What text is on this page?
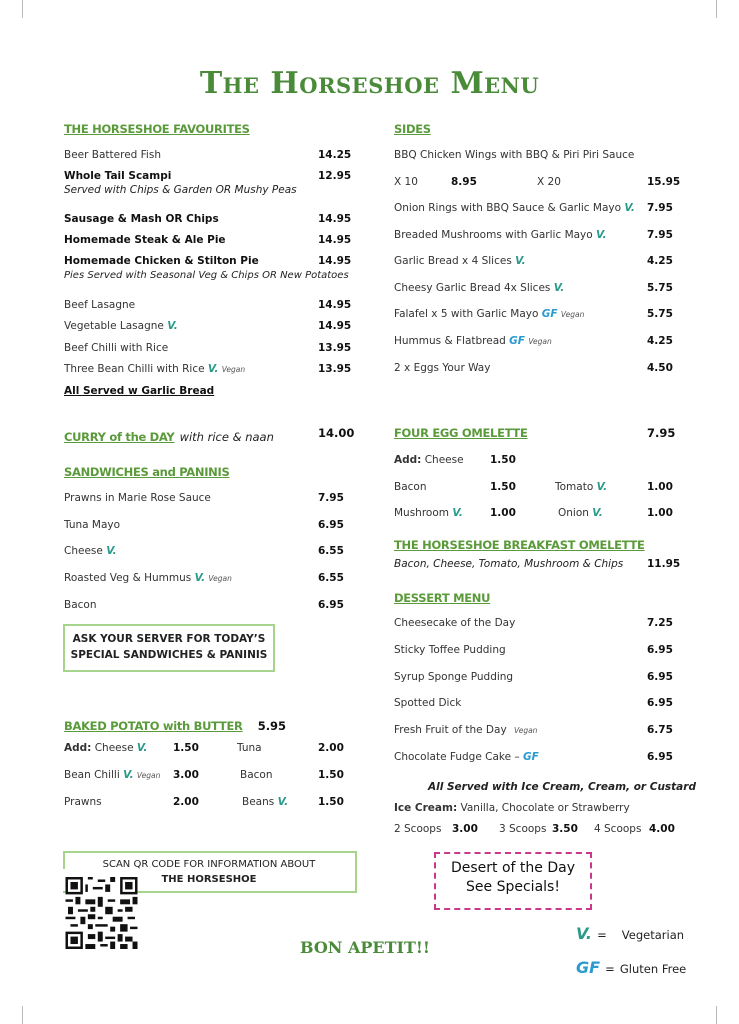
The Horseshoe Menu
THE HORSESHOE FAVOURITES
Beer Battered Fish	14.25
Whole Tail Scampi	12.95
Served with Chips & Garden OR Mushy Peas
Sausage & Mash OR Chips	14.95
Homemade Steak & Ale Pie	14.95
Homemade Chicken & Stilton Pie	14.95
Pies Served with Seasonal Veg & Chips OR New Potatoes
Beef Lasagne	14.95
Vegetable Lasagne V.	14.95
Beef Chilli with Rice	13.95
Three Bean Chilli with Rice V. Vegan	13.95
All Served w Garlic Bread
CURRY of the DAY with rice & naan	14.00
SANDWICHES and PANINIS
Prawns in Marie Rose Sauce	7.95
Tuna Mayo	6.95
Cheese V.	6.55
Roasted Veg & Hummus V. Vegan	6.55
Bacon	6.95
ASK YOUR SERVER FOR TODAY’S
SPECIAL SANDWICHES & PANINIS
BAKED POTATO with BUTTER 5.95
Add: Cheese V. 1.50	Tuna	2.00
Bean Chilli V. Vegan 3.00	Bacon	1.50
Prawns	2.00	Beans V.	1.50
SCAN QR CODE FOR INFORMATION ABOUT
THE HORSESHOE
BON APETIT!!
SIDES
BBQ Chicken Wings with BBQ & Piri Piri Sauce
X 10	8.95	X 20	15.95
Onion Rings with BBQ Sauce & Garlic Mayo V. 7.95
Breaded Mushrooms with Garlic Mayo V.	7.95
Garlic Bread x 4 Slices V.	4.25
Cheesy Garlic Bread 4x Slices V.	5.75
Falafel x 5 with Garlic Mayo GF Vegan	5.75
Hummus & Flatbread GF Vegan	4.25
2 x Eggs Your Way	4.50
FOUR EGG OMELETTE	7.95
Add: Cheese	1.50
Bacon	1.50	Tomato V.	1.00
Mushroom V.	1.00	Onion V.	1.00
THE HORSESHOE BREAKFAST OMELETTE
Bacon, Cheese, Tomato, Mushroom & Chips 11.95
DESSERT MENU
Cheesecake of the Day	7.25
Sticky Toffee Pudding	6.95
Syrup Sponge Pudding	6.95
Spotted Dick	6.95
Fresh Fruit of the Day Vegan	6.75
Chocolate Fudge Cake – GF	6.95
All Served with Ice Cream, Cream, or Custard
Ice Cream: Vanilla, Chocolate or Strawberry
2 Scoops 3.00 3 Scoops 3.50 4 Scoops 4.00
Desert of the Day
See Specials!
V. = Vegetarian
GF = Gluten Free
